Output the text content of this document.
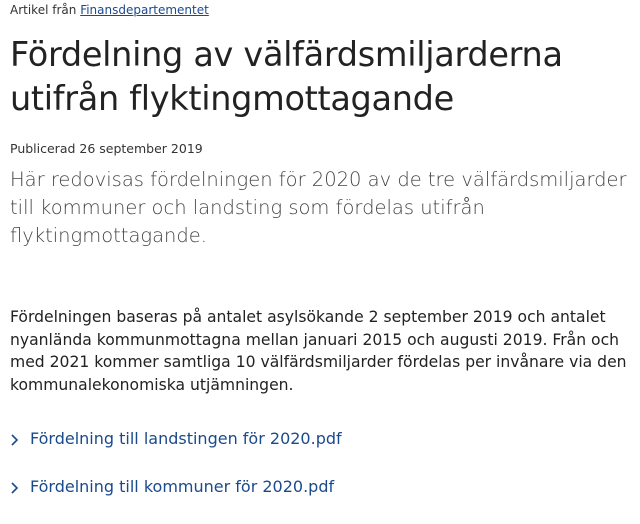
Artikel från Finansdepartementet
Fördelning av välfärdsmiljarderna utifrån flyktingmottagande
Publicerad 26 september 2019

Här redovisas fördelningen för 2020 av de tre välfärdsmiljarder till kommuner och landsting som fördelas utifrån flyktingmottagande.

Fördelningen baseras på antalet asylsökande 2 september 2019 och antalet nyanlända kommunmottagna mellan januari 2015 och augusti 2019. Från och med 2021 kommer samtliga 10 välfärdsmiljarder fördelas per invånare via den kommunalekonomiska utjämningen.

Fördelning till landstingen för 2020.pdf
Fördelning till kommuner för 2020.pdf
